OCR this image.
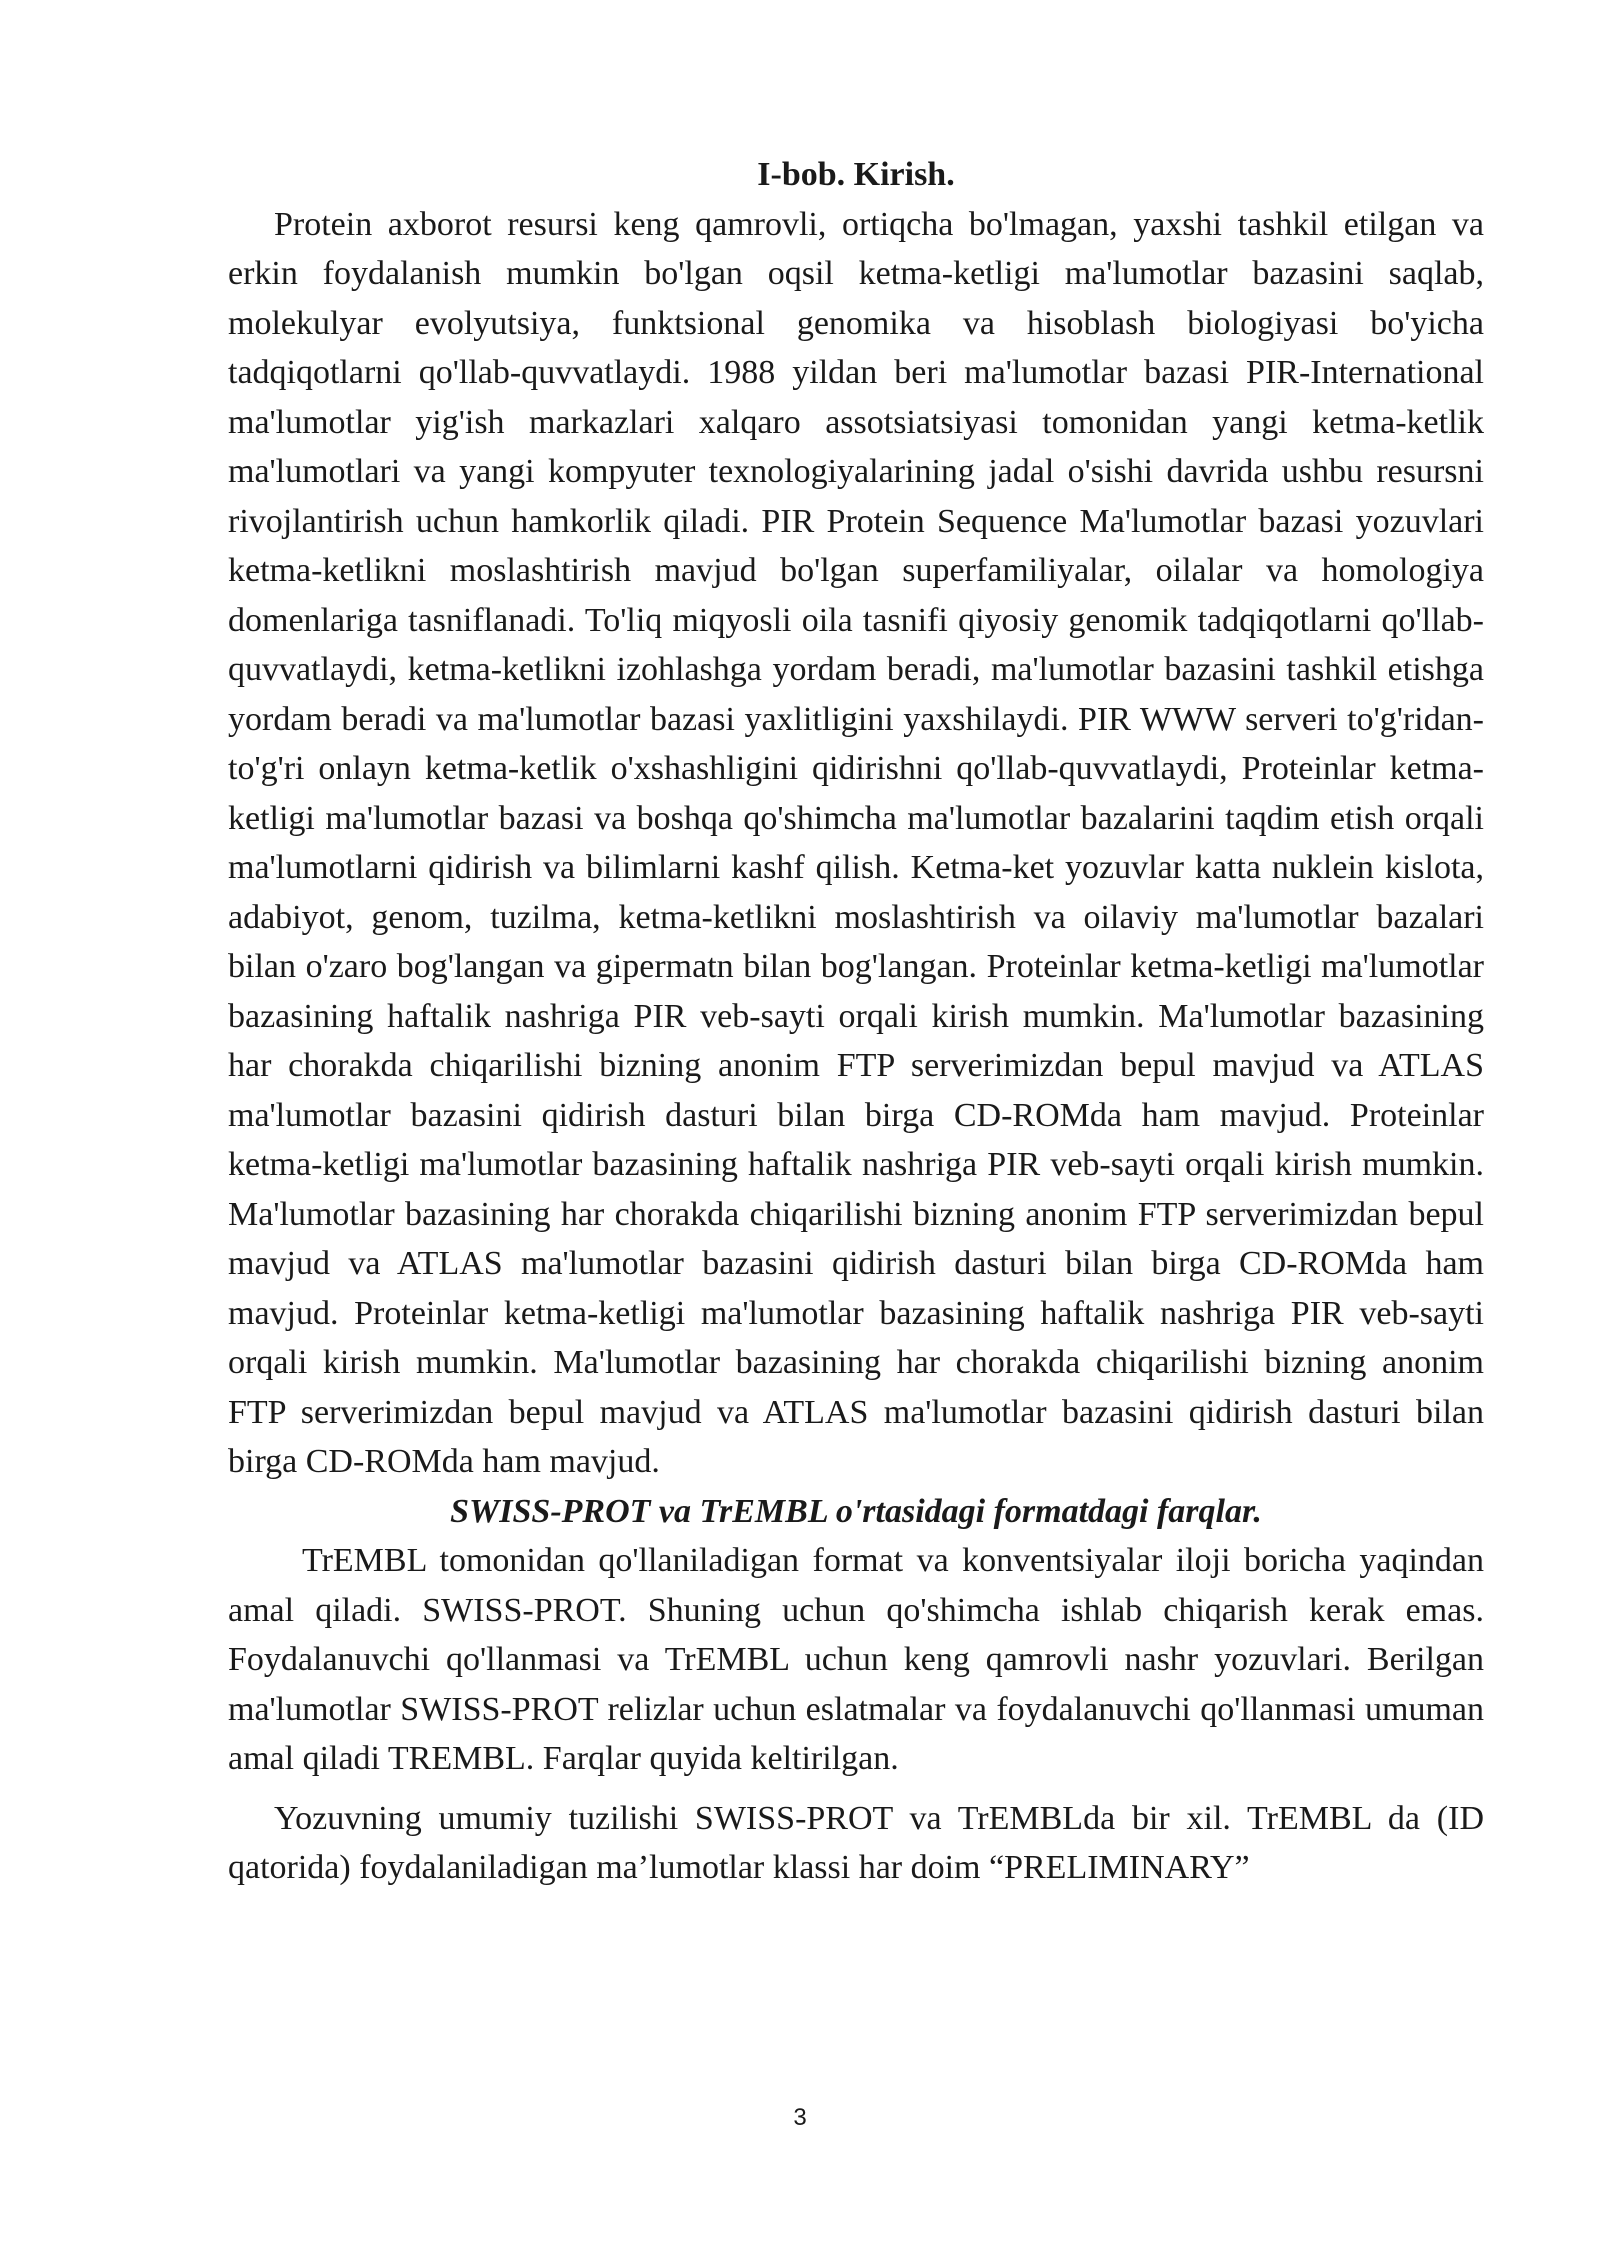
I-bob. Kirish.

Protein axborot resursi keng qamrovli, ortiqcha bo'lmagan, yaxshi tashkil etilgan va erkin foydalanish mumkin bo'lgan oqsil ketma-ketligi ma'lumotlar bazasini saqlab, molekulyar evolyutsiya, funktsional genomika va hisoblash biologiyasi bo'yicha tadqiqotlarni qo'llab-quvvatlaydi. 1988 yildan beri ma'lumotlar bazasi PIR-International ma'lumotlar yig'ish markazlari xalqaro assotsiatsiyasi tomonidan yangi ketma-ketlik ma'lumotlari va yangi kompyuter texnologiyalarining jadal o'sishi davrida ushbu resursni rivojlantirish uchun hamkorlik qiladi. PIR Protein Sequence Ma'lumotlar bazasi yozuvlari ketma-ketlikni moslashtirish mavjud bo'lgan superfamiliyalar, oilalar va homologiya domenlariga tasniflanadi. To'liq miqyosli oila tasnifi qiyosiy genomik tadqiqotlarni qo'llab-quvvatlaydi, ketma-ketlikni izohlashga yordam beradi, ma'lumotlar bazasini tashkil etishga yordam beradi va ma'lumotlar bazasi yaxlitligini yaxshilaydi. PIR WWW serveri to'g'ridan-to'g'ri onlayn ketma-ketlik o'xshashligini qidirishni qo'llab-quvvatlaydi, Proteinlar ketma-ketligi ma'lumotlar bazasi va boshqa qo'shimcha ma'lumotlar bazalarini taqdim etish orqali ma'lumotlarni qidirish va bilimlarni kashf qilish. Ketma-ket yozuvlar katta nuklein kislota, adabiyot, genom, tuzilma, ketma-ketlikni moslashtirish va oilaviy ma'lumotlar bazalari bilan o'zaro bog'langan va gipermatn bilan bog'langan. Proteinlar ketma-ketligi ma'lumotlar bazasining haftalik nashriga PIR veb-sayti orqali kirish mumkin. Ma'lumotlar bazasining har chorakda chiqarilishi bizning anonim FTP serverimizdan bepul mavjud va ATLAS ma'lumotlar bazasini qidirish dasturi bilan birga CD-ROMda ham mavjud. Proteinlar ketma-ketligi ma'lumotlar bazasining haftalik nashriga PIR veb-sayti orqali kirish mumkin. Ma'lumotlar bazasining har chorakda chiqarilishi bizning anonim FTP serverimizdan bepul mavjud va ATLAS ma'lumotlar bazasini qidirish dasturi bilan birga CD-ROMda ham mavjud. Proteinlar ketma-ketligi ma'lumotlar bazasining haftalik nashriga PIR veb-sayti orqali kirish mumkin. Ma'lumotlar bazasining har chorakda chiqarilishi bizning anonim FTP serverimizdan bepul mavjud va ATLAS ma'lumotlar bazasini qidirish dasturi bilan birga CD-ROMda ham mavjud.

SWISS-PROT va TrEMBL o'rtasidagi formatdagi farqlar.

TrEMBL tomonidan qo'llaniladigan format va konventsiyalar iloji boricha yaqindan amal qiladi. SWISS-PROT. Shuning uchun qo'shimcha ishlab chiqarish kerak emas. Foydalanuvchi qo'llanmasi va TrEMBL uchun keng qamrovli nashr yozuvlari. Berilgan ma'lumotlar SWISS-PROT relizlar uchun eslatmalar va foydalanuvchi qo'llanmasi umuman amal qiladi TREMBL. Farqlar quyida keltirilgan.

Yozuvning umumiy tuzilishi SWISS-PROT va TrEMBLda bir xil. TrEMBL da (ID qatorida) foydalaniladigan ma’lumotlar klassi har doim “PRELIMINARY”

3
